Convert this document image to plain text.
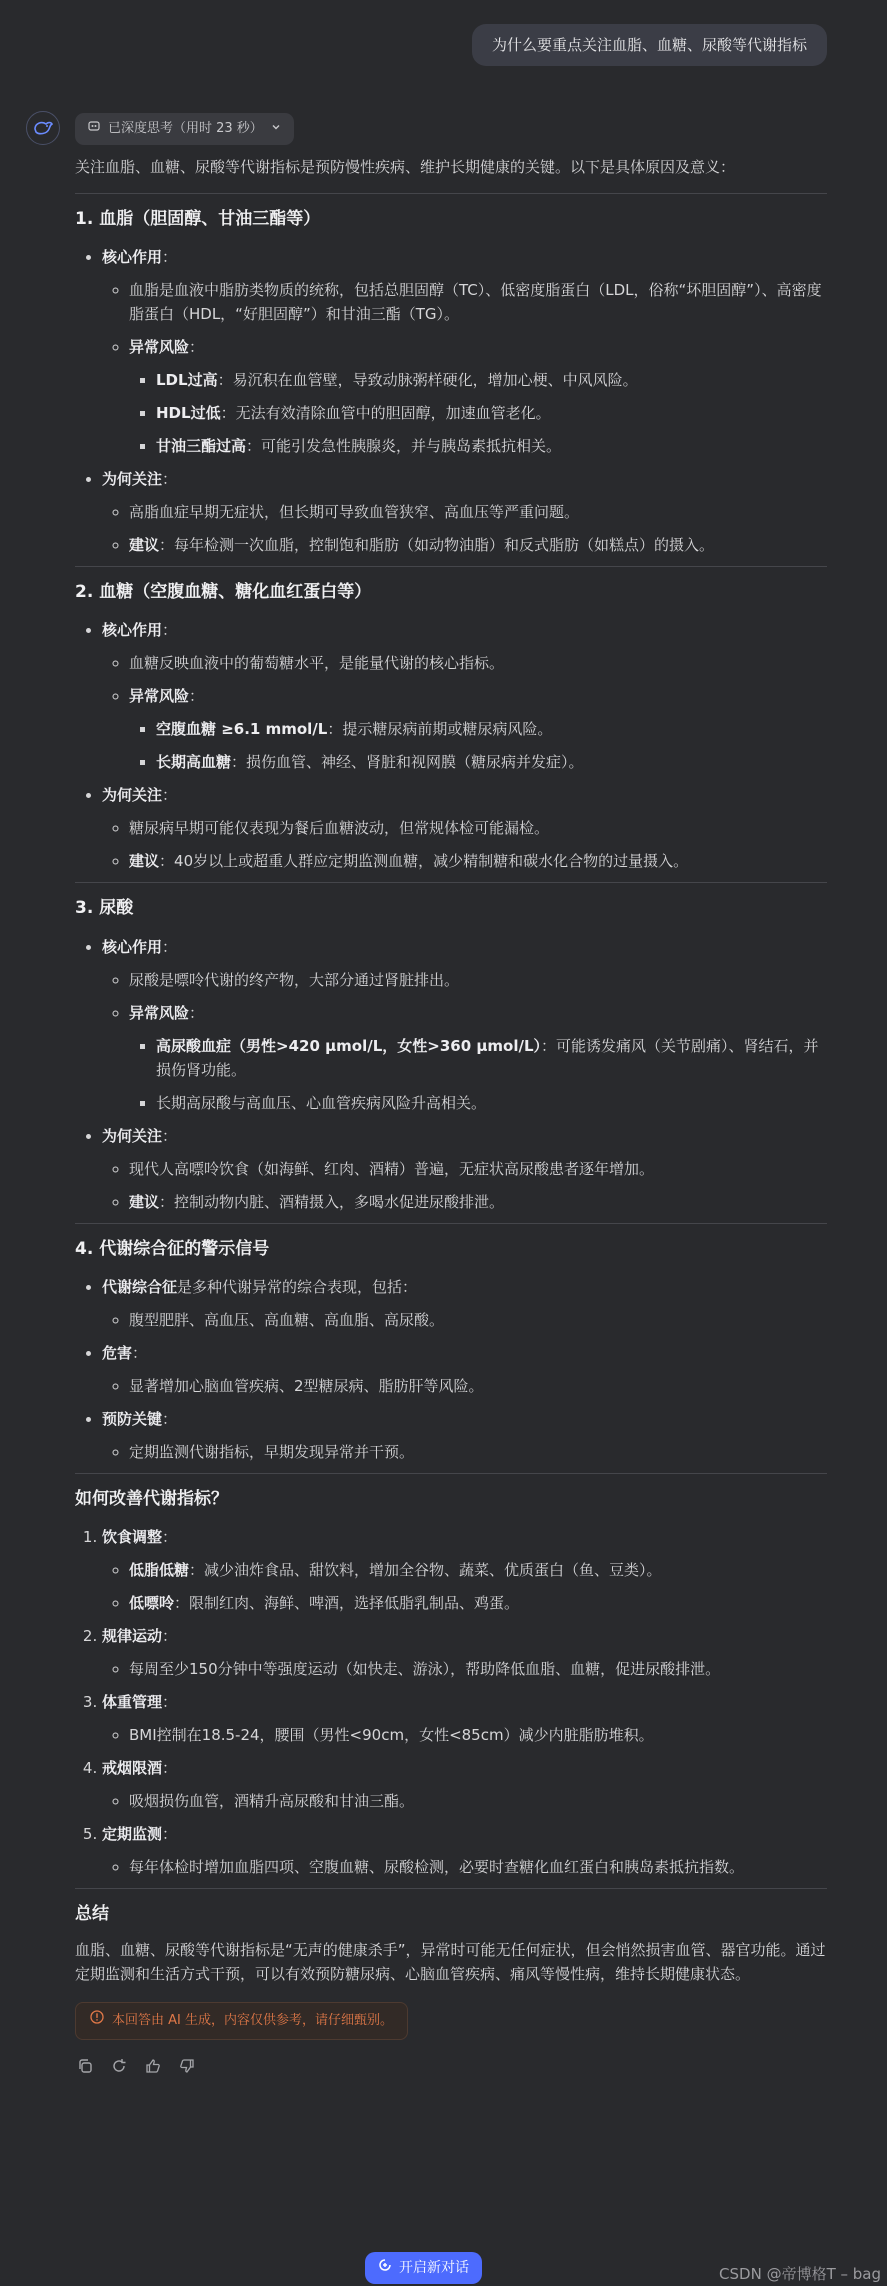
为什么要重点关注血脂、血糖、尿酸等代谢指标
已深度思考（用时 23 秒）

关注血脂、血糖、尿酸等代谢指标是预防慢性疾病、维护长期健康的关键。以下是具体原因及意义：

1. 血脂（胆固醇、甘油三酯等）
• 核心作用：
◦ 血脂是血液中脂肪类物质的统称，包括总胆固醇（TC）、低密度脂蛋白（LDL，俗称“坏胆固醇”）、高密度脂蛋白（HDL，“好胆固醇”）和甘油三酯（TG）。
◦ 异常风险：
▪ LDL过高：易沉积在血管壁，导致动脉粥样硬化，增加心梗、中风风险。
▪ HDL过低：无法有效清除血管中的胆固醇，加速血管老化。
▪ 甘油三酯过高：可能引发急性胰腺炎，并与胰岛素抵抗相关。
• 为何关注：
◦ 高脂血症早期无症状，但长期可导致血管狭窄、高血压等严重问题。
◦ 建议：每年检测一次血脂，控制饱和脂肪（如动物油脂）和反式脂肪（如糕点）的摄入。
2. 血糖（空腹血糖、糖化血红蛋白等）
• 核心作用：
◦ 血糖反映血液中的葡萄糖水平，是能量代谢的核心指标。
◦ 异常风险：
▪ 空腹血糖 ≥6.1 mmol/L：提示糖尿病前期或糖尿病风险。
▪ 长期高血糖：损伤血管、神经、肾脏和视网膜（糖尿病并发症）。
• 为何关注：
◦ 糖尿病早期可能仅表现为餐后血糖波动，但常规体检可能漏检。
◦ 建议：40岁以上或超重人群应定期监测血糖，减少精制糖和碳水化合物的过量摄入。
3. 尿酸
• 核心作用：
◦ 尿酸是嘌呤代谢的终产物，大部分通过肾脏排出。
◦ 异常风险：
▪ 高尿酸血症（男性>420 μmol/L，女性>360 μmol/L）：可能诱发痛风（关节剧痛）、肾结石，并损伤肾功能。
▪ 长期高尿酸与高血压、心血管疾病风险升高相关。
• 为何关注：
◦ 现代人高嘌呤饮食（如海鲜、红肉、酒精）普遍，无症状高尿酸患者逐年增加。
◦ 建议：控制动物内脏、酒精摄入，多喝水促进尿酸排泄。
4. 代谢综合征的警示信号
• 代谢综合征是多种代谢异常的综合表现，包括：
◦ 腹型肥胖、高血压、高血糖、高血脂、高尿酸。
• 危害：
◦ 显著增加心脑血管疾病、2型糖尿病、脂肪肝等风险。
• 预防关键：
◦ 定期监测代谢指标，早期发现异常并干预。
如何改善代谢指标？
1. 饮食调整：
◦ 低脂低糖：减少油炸食品、甜饮料，增加全谷物、蔬菜、优质蛋白（鱼、豆类）。
◦ 低嘌呤：限制红肉、海鲜、啤酒，选择低脂乳制品、鸡蛋。
2. 规律运动：
◦ 每周至少150分钟中等强度运动（如快走、游泳），帮助降低血脂、血糖，促进尿酸排泄。
3. 体重管理：
◦ BMI控制在18.5-24，腰围（男性<90cm，女性<85cm）减少内脏脂肪堆积。
4. 戒烟限酒：
◦ 吸烟损伤血管，酒精升高尿酸和甘油三酯。
5. 定期监测：
◦ 每年体检时增加血脂四项、空腹血糖、尿酸检测，必要时查糖化血红蛋白和胰岛素抵抗指数。
总结

血脂、血糖、尿酸等代谢指标是“无声的健康杀手”，异常时可能无任何症状，但会悄然损害血管、器官功能。通过定期监测和生活方式干预，可以有效预防糖尿病、心脑血管疾病、痛风等慢性病，维持长期健康状态。

本回答由 AI 生成，内容仅供参考，请仔细甄别。
开启新对话	CSDN @帝博格T – bag
